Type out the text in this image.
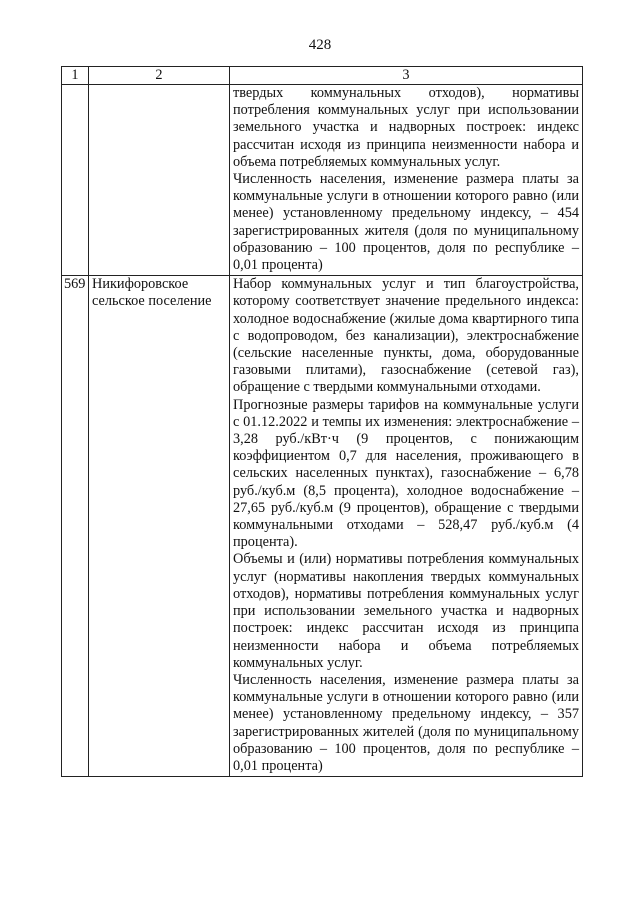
428
1	2	3

		твердых коммунальных отходов), нормативы потребления коммунальных услуг при использовании земельного участка и надворных построек: индекс рассчитан исходя из принципа неизменности набора и объема потребляемых коммунальных услуг.

Численность населения, изменение размера платы за коммунальные услуги в отношении которого равно (или менее) установленному предельному индексу, – 454 зарегистрированных жителя (доля по муниципальному образованию – 100 процентов, доля по республике – 0,01 процента)

569	Никифоровское сельское поселение	Набор коммунальных услуг и тип благоустройства, которому соответствует значение предельного индекса: холодное водоснабжение (жилые дома квартирного типа с водопроводом, без канализации), электроснабжение (сельские населенные пункты, дома, оборудованные газовыми плитами), газоснабжение (сетевой газ), обращение с твердыми коммунальными отходами.

Прогнозные размеры тарифов на коммунальные услуги с 01.12.2022 и темпы их изменения: электроснабжение – 3,28 руб./кВт·ч (9 процентов, с понижающим коэффициентом 0,7 для населения, проживающего в сельских населенных пунктах), газоснабжение – 6,78 руб./куб.м (8,5 процента), холодное водоснабжение – 27,65 руб./куб.м (9 процентов), обращение с твердыми коммунальными отходами – 528,47 руб./куб.м (4 процента).

Объемы и (или) нормативы потребления коммунальных услуг (нормативы накопления твердых коммунальных отходов), нормативы потребления коммунальных услуг при использовании земельного участка и надворных построек: индекс рассчитан исходя из принципа неизменности набора и объема потребляемых коммунальных услуг.

Численность населения, изменение размера платы за коммунальные услуги в отношении которого равно (или менее) установленному предельному индексу, – 357 зарегистрированных жителей (доля по муниципальному образованию – 100 процентов, доля по республике – 0,01 процента)
